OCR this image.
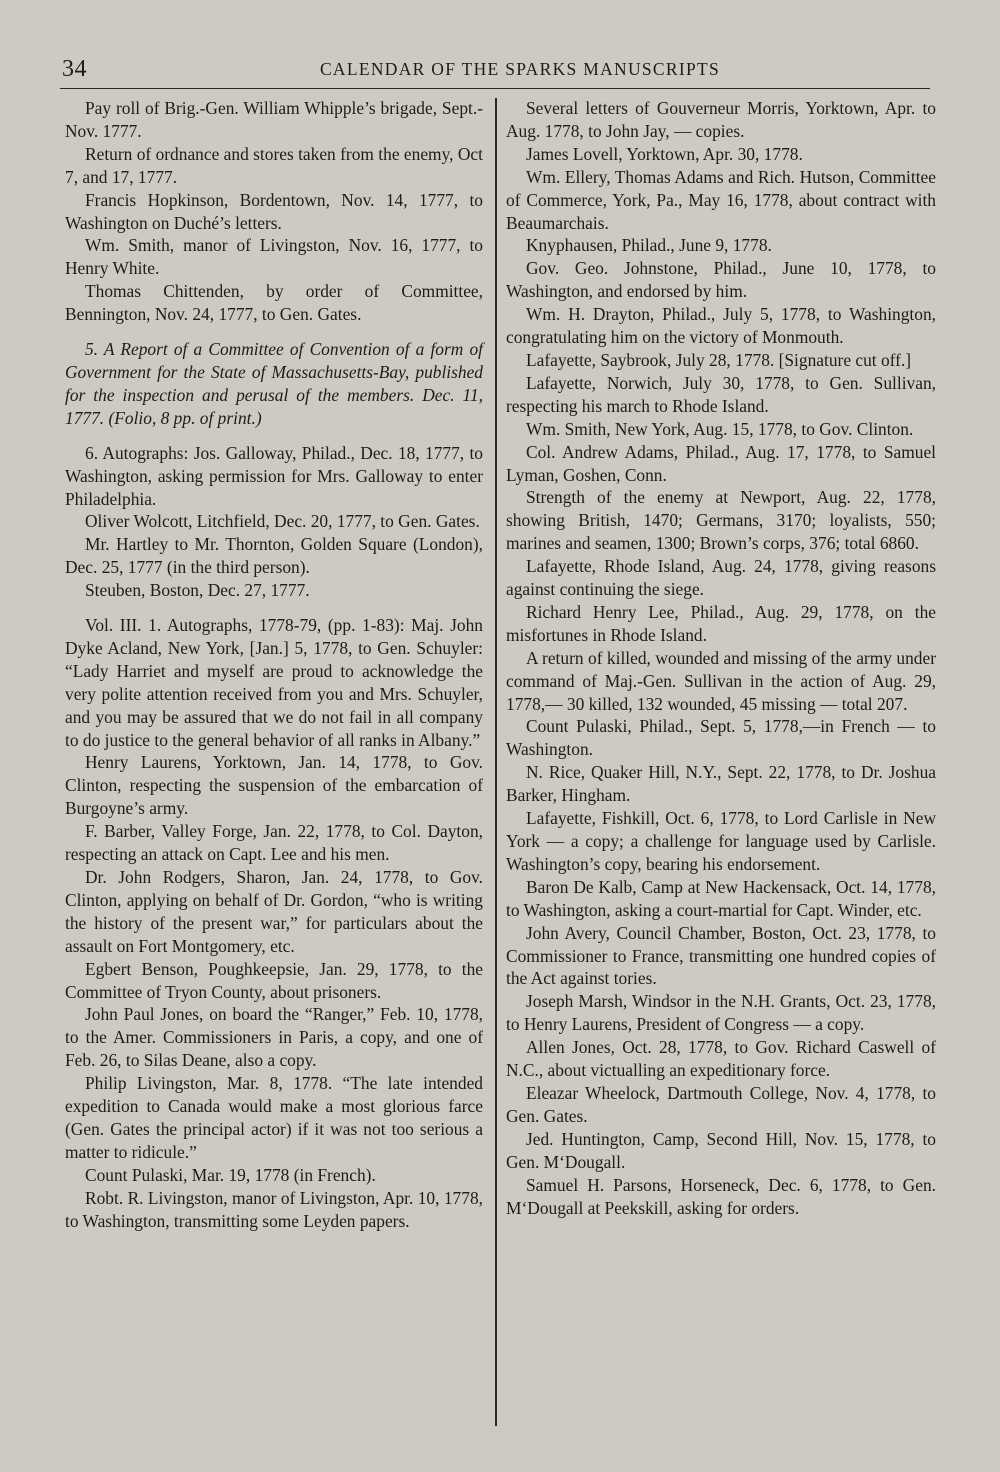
34	CALENDAR OF THE SPARKS MANUSCRIPTS

Pay roll of Brig.-Gen. William Whipple’s brigade, Sept.-Nov. 1777.

Return of ordnance and stores taken from the enemy, Oct 7, and 17, 1777.

Francis Hopkinson, Bordentown, Nov. 14, 1777, to Washington on Duché’s letters.

Wm. Smith, manor of Livingston, Nov. 16, 1777, to Henry White.

Thomas Chittenden, by order of Committee, Bennington, Nov. 24, 1777, to Gen. Gates.

5. A Report of a Committee of Convention of a form of Government for the State of Massachusetts-Bay, published for the inspection and perusal of the members. Dec. 11, 1777. (Folio, 8 pp. of print.)

6. Autographs: Jos. Galloway, Philad., Dec. 18, 1777, to Washington, asking permission for Mrs. Galloway to enter Philadelphia.

Oliver Wolcott, Litchfield, Dec. 20, 1777, to Gen. Gates.

Mr. Hartley to Mr. Thornton, Golden Square (London), Dec. 25, 1777 (in the third person).

Steuben, Boston, Dec. 27, 1777.

Vol. III. 1. Autographs, 1778-79, (pp. 1-83): Maj. John Dyke Acland, New York, [Jan.] 5, 1778, to Gen. Schuyler: “Lady Harriet and myself are proud to acknowledge the very polite attention received from you and Mrs. Schuyler, and you may be assured that we do not fail in all company to do justice to the general behavior of all ranks in Albany.”

Henry Laurens, Yorktown, Jan. 14, 1778, to Gov. Clinton, respecting the suspension of the embarcation of Burgoyne’s army.

F. Barber, Valley Forge, Jan. 22, 1778, to Col. Dayton, respecting an attack on Capt. Lee and his men.

Dr. John Rodgers, Sharon, Jan. 24, 1778, to Gov. Clinton, applying on behalf of Dr. Gordon, “who is writing the history of the present war,” for particulars about the assault on Fort Montgomery, etc.

Egbert Benson, Poughkeepsie, Jan. 29, 1778, to the Committee of Tryon County, about prisoners.

John Paul Jones, on board the “Ranger,” Feb. 10, 1778, to the Amer. Commissioners in Paris, a copy, and one of Feb. 26, to Silas Deane, also a copy.

Philip Livingston, Mar. 8, 1778. “The late intended expedition to Canada would make a most glorious farce (Gen. Gates the principal actor) if it was not too serious a matter to ridicule.”

Count Pulaski, Mar. 19, 1778 (in French).

Robt. R. Livingston, manor of Livingston, Apr. 10, 1778, to Washington, transmitting some Leyden papers.

Several letters of Gouverneur Morris, Yorktown, Apr. to Aug. 1778, to John Jay, — copies.

James Lovell, Yorktown, Apr. 30, 1778.

Wm. Ellery, Thomas Adams and Rich. Hutson, Committee of Commerce, York, Pa., May 16, 1778, about contract with Beaumarchais.

Knyphausen, Philad., June 9, 1778.

Gov. Geo. Johnstone, Philad., June 10, 1778, to Washington, and endorsed by him.

Wm. H. Drayton, Philad., July 5, 1778, to Washington, congratulating him on the victory of Monmouth.

Lafayette, Saybrook, July 28, 1778. [Signature cut off.]

Lafayette, Norwich, July 30, 1778, to Gen. Sullivan, respecting his march to Rhode Island.

Wm. Smith, New York, Aug. 15, 1778, to Gov. Clinton.

Col. Andrew Adams, Philad., Aug. 17, 1778, to Samuel Lyman, Goshen, Conn.

Strength of the enemy at Newport, Aug. 22, 1778, showing British, 1470; Germans, 3170; loyalists, 550; marines and seamen, 1300; Brown’s corps, 376; total 6860.

Lafayette, Rhode Island, Aug. 24, 1778, giving reasons against continuing the siege.

Richard Henry Lee, Philad., Aug. 29, 1778, on the misfortunes in Rhode Island.

A return of killed, wounded and missing of the army under command of Maj.-Gen. Sullivan in the action of Aug. 29, 1778,— 30 killed, 132 wounded, 45 missing — total 207.

Count Pulaski, Philad., Sept. 5, 1778,—in French — to Washington.

N. Rice, Quaker Hill, N.Y., Sept. 22, 1778, to Dr. Joshua Barker, Hingham.

Lafayette, Fishkill, Oct. 6, 1778, to Lord Carlisle in New York — a copy; a challenge for language used by Carlisle. Washington’s copy, bearing his endorsement.

Baron De Kalb, Camp at New Hackensack, Oct. 14, 1778, to Washington, asking a court-martial for Capt. Winder, etc.

John Avery, Council Chamber, Boston, Oct. 23, 1778, to Commissioner to France, transmitting one hundred copies of the Act against tories.

Joseph Marsh, Windsor in the N.H. Grants, Oct. 23, 1778, to Henry Laurens, President of Congress — a copy.

Allen Jones, Oct. 28, 1778, to Gov. Richard Caswell of N.C., about victualling an expeditionary force.

Eleazar Wheelock, Dartmouth College, Nov. 4, 1778, to Gen. Gates.

Jed. Huntington, Camp, Second Hill, Nov. 15, 1778, to Gen. M‘Dougall.

Samuel H. Parsons, Horseneck, Dec. 6, 1778, to Gen. M‘Dougall at Peekskill, asking for orders.
